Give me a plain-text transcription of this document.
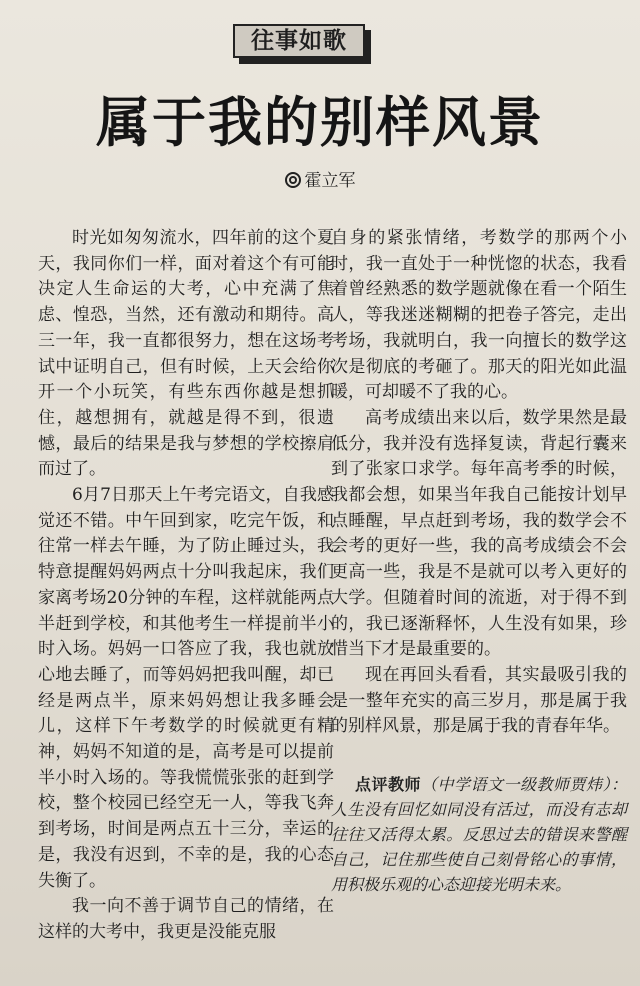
往事如歌
属于我的别样风景
霍立军

时光如匆匆流水，四年前的这个夏天，我同你们一样，面对着这个有可能决定人生命运的大考，心中充满了焦虑、惶恐，当然，还有激动和期待。高三一年，我一直都很努力，想在这场考试中证明自己，但有时候，上天会给你开一个小玩笑，有些东西你越是想抓住，越想拥有，就越是得不到，很遗憾，最后的结果是我与梦想的学校擦肩而过了。

6月7日那天上午考完语文，自我感觉还不错。中午回到家，吃完午饭，和往常一样去午睡，为了防止睡过头，我特意提醒妈妈两点十分叫我起床，我们家离考场20分钟的车程，这样就能两点半赶到学校，和其他考生一样提前半小时入场。妈妈一口答应了我，我也就放心地去睡了，而等妈妈把我叫醒，却已经是两点半，原来妈妈想让我多睡会儿，这样下午考数学的时候就更有精神，妈妈不知道的是，高考是可以提前半小时入场的。等我慌慌张张的赶到学校，整个校园已经空无一人，等我飞奔到考场，时间是两点五十三分，幸运的是，我没有迟到，不幸的是，我的心态失衡了。

我一向不善于调节自己的情绪，在这样的大考中，我更是没能克服

自身的紧张情绪，考数学的那两个小时，我一直处于一种恍惚的状态，我看着曾经熟悉的数学题就像在看一个陌生人，等我迷迷糊糊的把卷子答完，走出考场，我就明白，我一向擅长的数学这次是彻底的考砸了。那天的阳光如此温暖，可却暖不了我的心。

高考成绩出来以后，数学果然是最低分，我并没有选择复读，背起行囊来到了张家口求学。每年高考季的时候，我都会想，如果当年我自己能按计划早点睡醒，早点赶到考场，我的数学会不会考的更好一些，我的高考成绩会不会更高一些，我是不是就可以考入更好的大学。但随着时间的流逝，对于得不到的，我已逐渐释怀，人生没有如果，珍惜当下才是最重要的。

现在再回头看看，其实最吸引我的是一整年充实的高三岁月，那是属于我的别样风景，那是属于我的青春年华。

点评教师（中学语文一级教师贾炜）：人生没有回忆如同没有活过，而没有志却往往又活得太累。反思过去的错误来警醒自己，记住那些使自己刻骨铭心的事情，用积极乐观的心态迎接光明未来。
